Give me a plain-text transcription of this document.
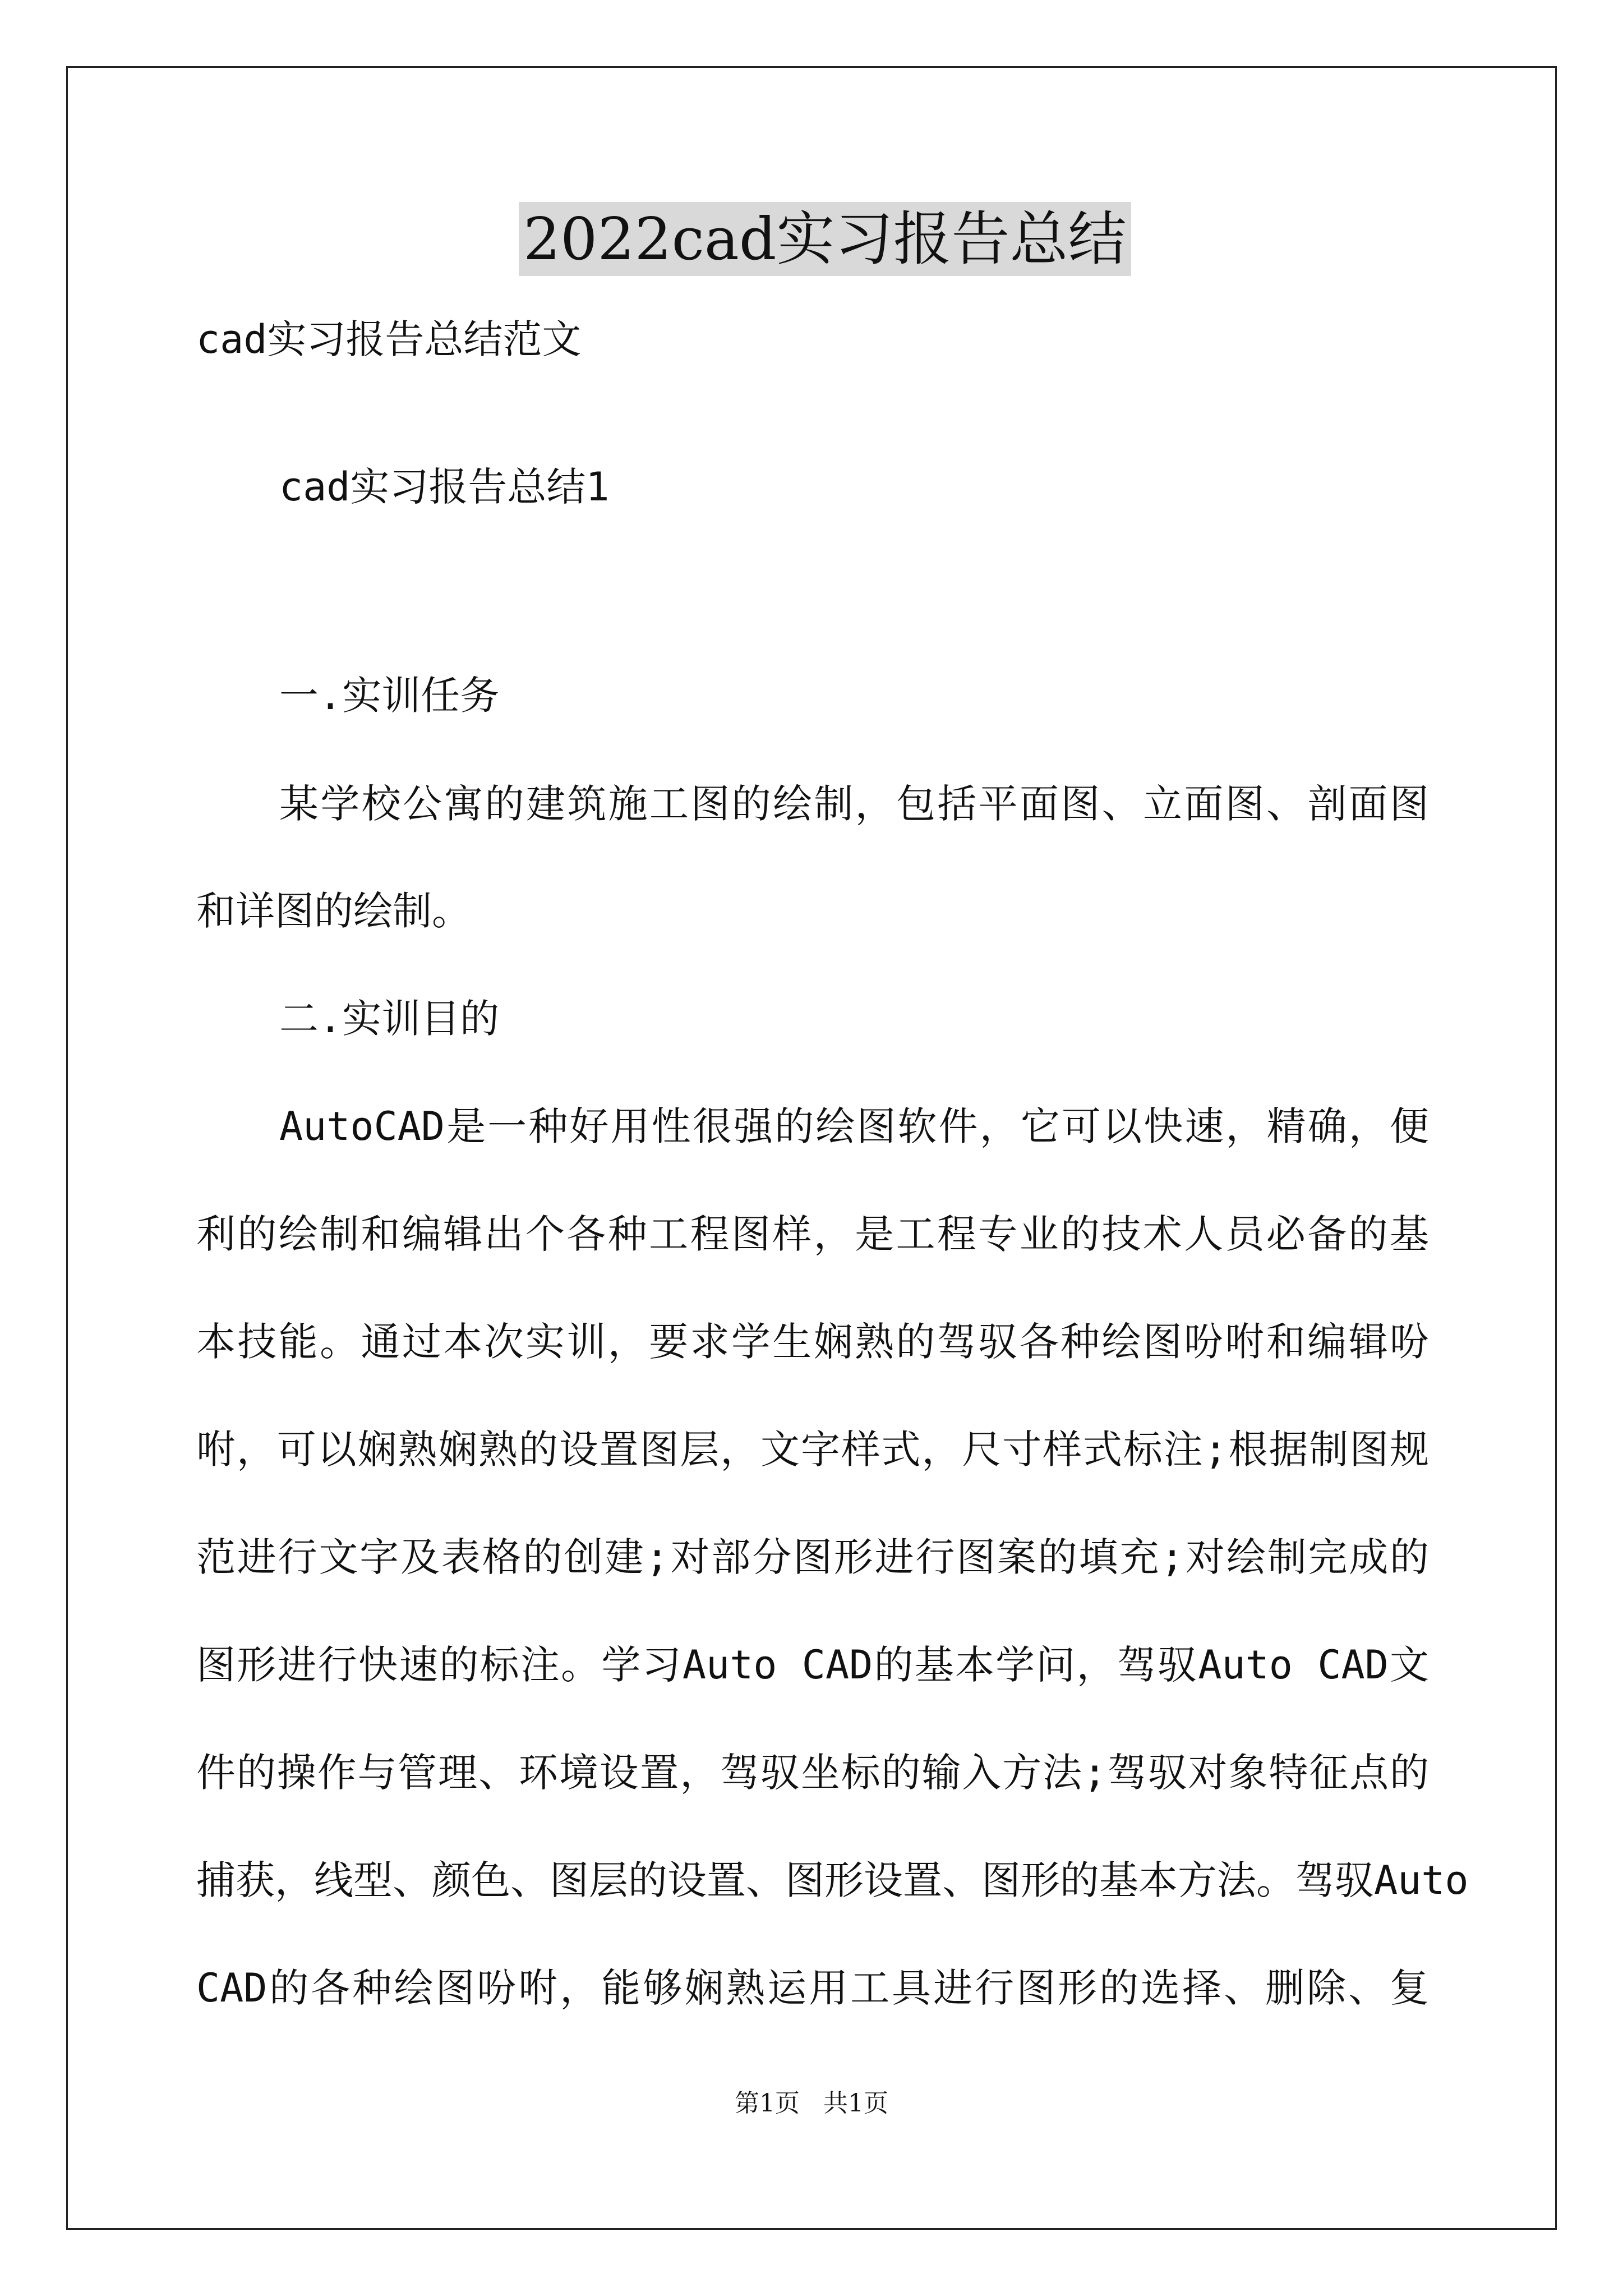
2022cad实习报告总结
cad实习报告总结范文
cad实习报告总结1
一.实训任务
某学校公寓的建筑施工图的绘制，包括平面图、立面图、剖面图
和详图的绘制。
二.实训目的
AutoCAD是一种好用性很强的绘图软件，它可以快速，精确，便
利的绘制和编辑出个各种工程图样，是工程专业的技术人员必备的基
本技能。通过本次实训，要求学生娴熟的驾驭各种绘图吩咐和编辑吩
咐，可以娴熟娴熟的设置图层，文字样式，尺寸样式标注;根据制图规
范进行文字及表格的创建;对部分图形进行图案的填充;对绘制完成的
图形进行快速的标注。学习Auto CAD的基本学问，驾驭Auto CAD文
件的操作与管理、环境设置，驾驭坐标的输入方法;驾驭对象特征点的
捕获，线型、颜色、图层的设置、图形设置、图形的基本方法。驾驭Auto
CAD的各种绘图吩咐，能够娴熟运用工具进行图形的选择、删除、复
第1页   共1页
